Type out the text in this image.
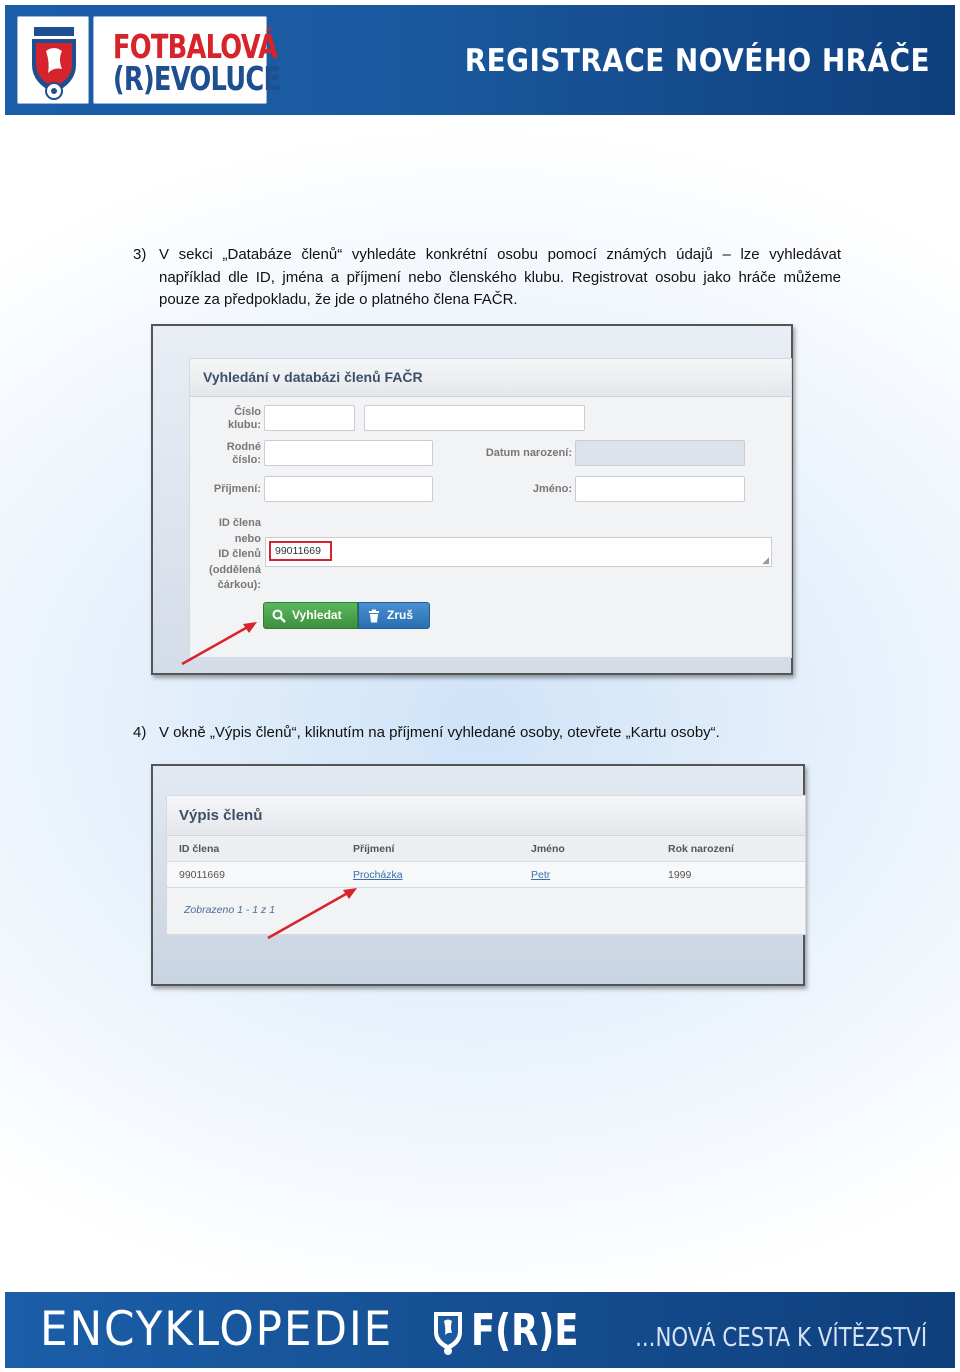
FOTBALOVÁ
(R)EVOLUCE	REGISTRACE NOVÉHO HRÁČE
3) V sekci „Databáze členů“ vyhledáte konkrétní osobu pomocí známých údajů – lze vyhledávat například dle ID, jména a příjmení nebo členského klubu. Registrovat osobu jako hráče můžeme pouze za předpokladu, že jde o platného člena FAČR.
Vyhledání v databázi členů FAČR
Číslo
klubu:
Rodné
číslo:
Datum narození:
Příjmení:	Jméno:
ID člena
nebo
ID členů
(oddělená
čárkou):
99011669
◢
Vyhledat	Zruš
4) V okně „Výpis členů“, kliknutím na příjmení vyhledané osoby, otevřete „Kartu osoby“.
Výpis členů
ID člena	Příjmení	Jméno	Rok narození
99011669	Procházka	Petr	1999
Zobrazeno 1 - 1 z 1
ENCYKLOPEDIE F(R)E ...NOVÁ CESTA K VÍTĚZSTVÍ
